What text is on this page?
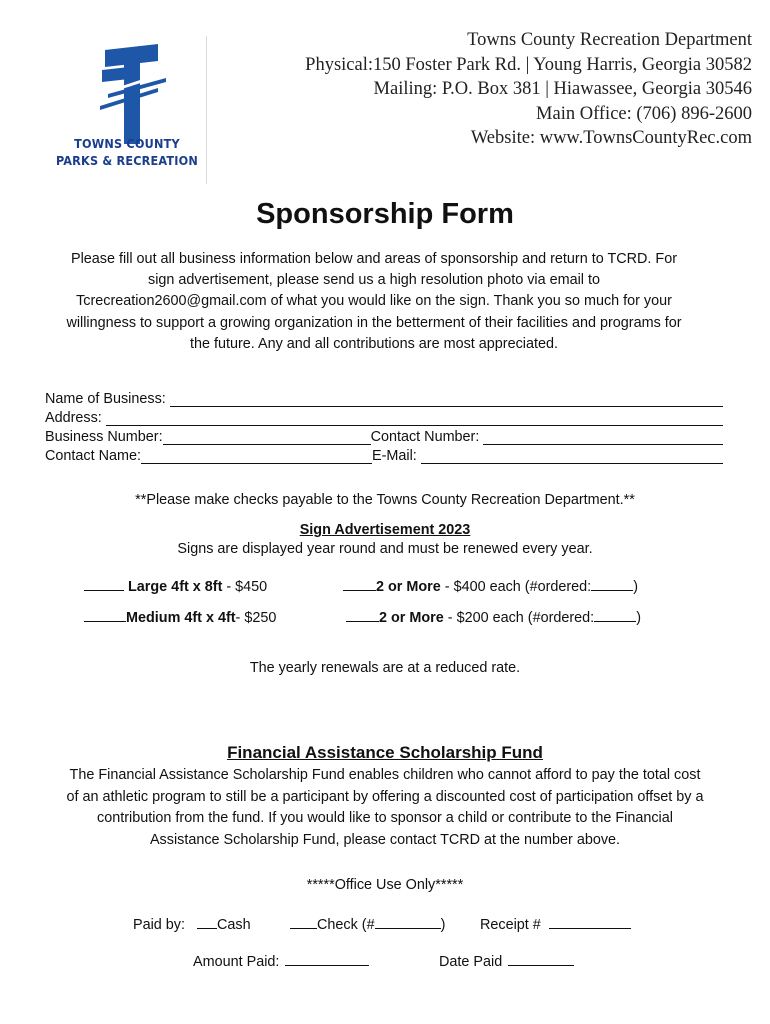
TOWNS COUNTY
PARKS & RECREATION
Towns County Recreation Department
Physical:150 Foster Park Rd. | Young Harris, Georgia 30582
Mailing: P.O. Box 381 | Hiawassee, Georgia 30546
Main Office: (706) 896-2600
Website: www.TownsCountyRec.com
Sponsorship Form
Please fill out all business information below and areas of sponsorship and return to TCRD. For
sign advertisement, please send us a high resolution photo via email to
Tcrecreation2600@gmail.com of what you would like on the sign. Thank you so much for your
willingness to support a growing organization in the betterment of their facilities and programs for
the future. Any and all contributions are most appreciated.
Name of Business:
Address:
Business Number:	Contact Number:
Contact Name:	E-Mail:
**Please make checks payable to the Towns County Recreation Department.**
Sign Advertisement 2023
Signs are displayed year round and must be renewed every year.
Large 4ft x 8ft - $450	2 or More - $400 each (#ordered:	)
Medium 4ft x 4ft- $250	2 or More - $200 each (#ordered:	)
The yearly renewals are at a reduced rate.
Financial Assistance Scholarship Fund
The Financial Assistance Scholarship Fund enables children who cannot afford to pay the total cost
of an athletic program to still be a participant by offering a discounted cost of participation offset by a
contribution from the fund. If you would like to sponsor a child or contribute to the Financial
Assistance Scholarship Fund, please contact TCRD at the number above.
*****Office Use Only*****
Paid by: Cash	Check (#	) Receipt #
Amount Paid:	Date Paid
